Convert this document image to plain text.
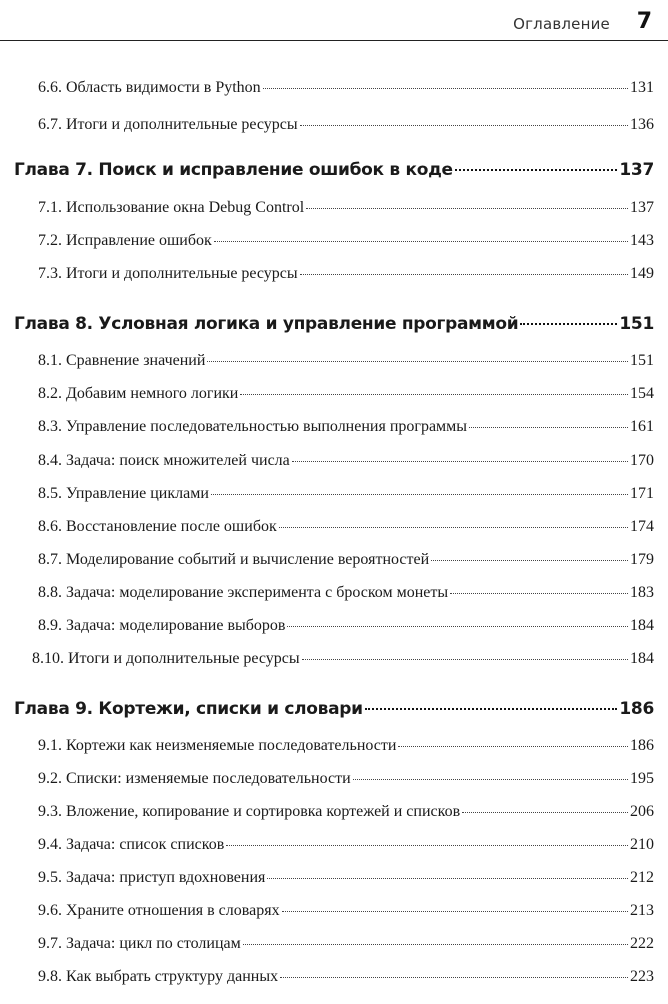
Оглавление 7
6.6.
Область видимости в Python	131
6.7.
Итоги и дополнительные ресурсы	136
Глава 7.
Поиск и исправление ошибок в коде	137
7.1.
Использование окна Debug Control	137
7.2.
Исправление ошибок	143
7.3.
Итоги и дополнительные ресурсы	149
Глава 8.
Условная логика и управление программой	151
8.1.
Сравнение значений	151
8.2.
Добавим немного логики	154
8.3.
Управление последовательностью выполнения программы	161
8.4.
Задача: поиск множителей числа	170
8.5.
Управление циклами	171
8.6.
Восстановление после ошибок	174
8.7.
Моделирование событий и вычисление вероятностей	179
8.8.
Задача: моделирование эксперимента с броском монеты	183
8.9.
Задача: моделирование выборов	184
8.10.
Итоги и дополнительные ресурсы	184
Глава 9.
Кортежи, списки и словари	186
9.1.
Кортежи как неизменяемые последовательности	186
9.2.
Списки: изменяемые последовательности	195
9.3.
Вложение, копирование и сортировка кортежей и списков	206
9.4.
Задача: список списков	210
9.5.
Задача: приступ вдохновения	212
9.6.
Храните отношения в словарях	213
9.7.
Задача: цикл по столицам	222
9.8.
Как выбрать структуру данных	223
